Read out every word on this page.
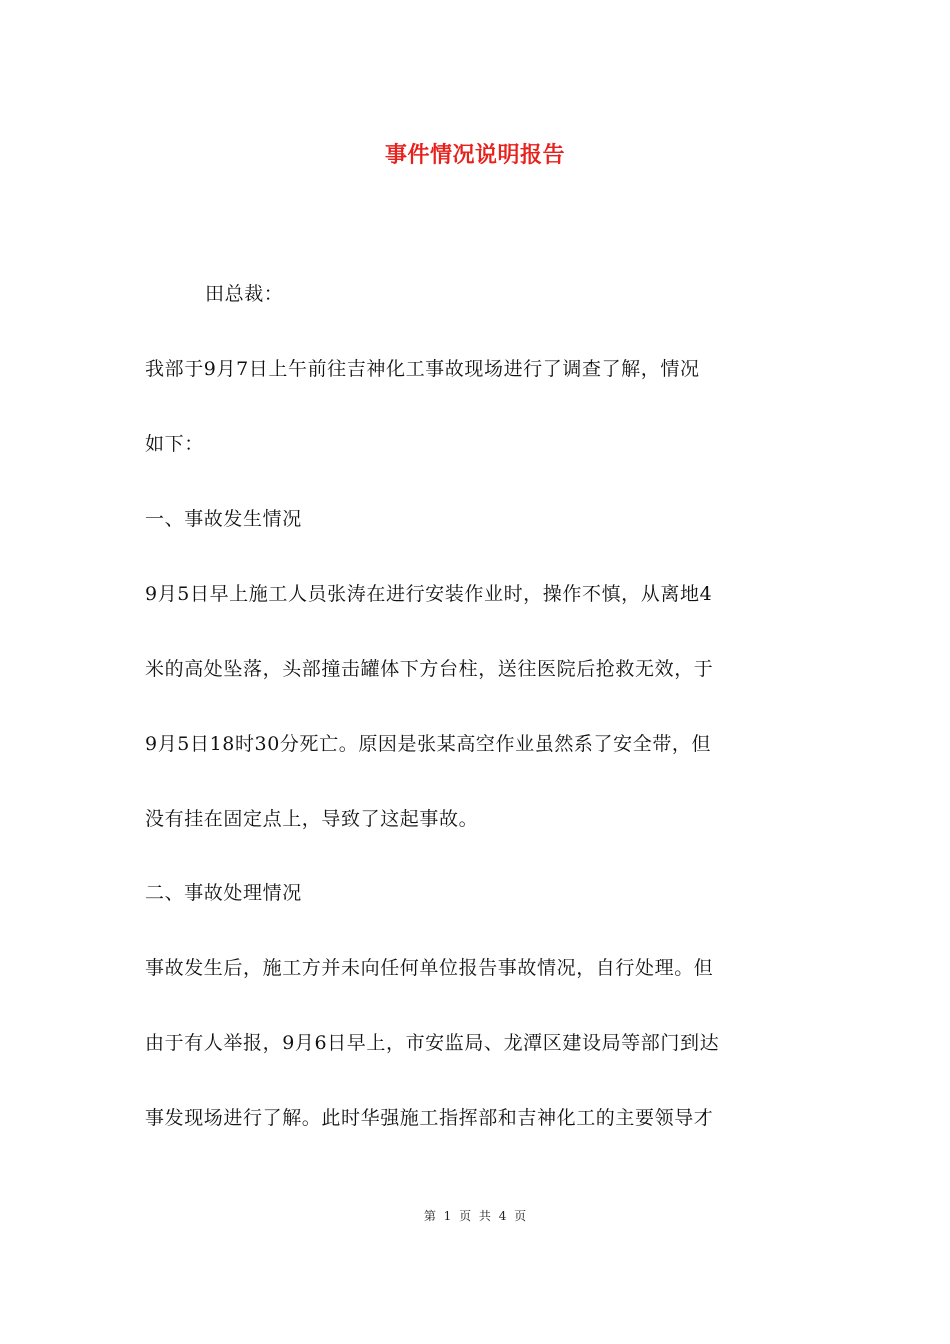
事件情况说明报告
田总裁：
我部于9月7日上午前往吉神化工事故现场进行了调查了解，情况
如下：
一、事故发生情况
9月5日早上施工人员张涛在进行安装作业时，操作不慎，从离地4
米的高处坠落，头部撞击罐体下方台柱，送往医院后抢救无效，于
9月5日18时30分死亡。原因是张某高空作业虽然系了安全带，但
没有挂在固定点上，导致了这起事故。
二、事故处理情况
事故发生后，施工方并未向任何单位报告事故情况，自行处理。但
由于有人举报，9月6日早上，市安监局、龙潭区建设局等部门到达
事发现场进行了解。此时华强施工指挥部和吉神化工的主要领导才
第 1 页 共 4 页
